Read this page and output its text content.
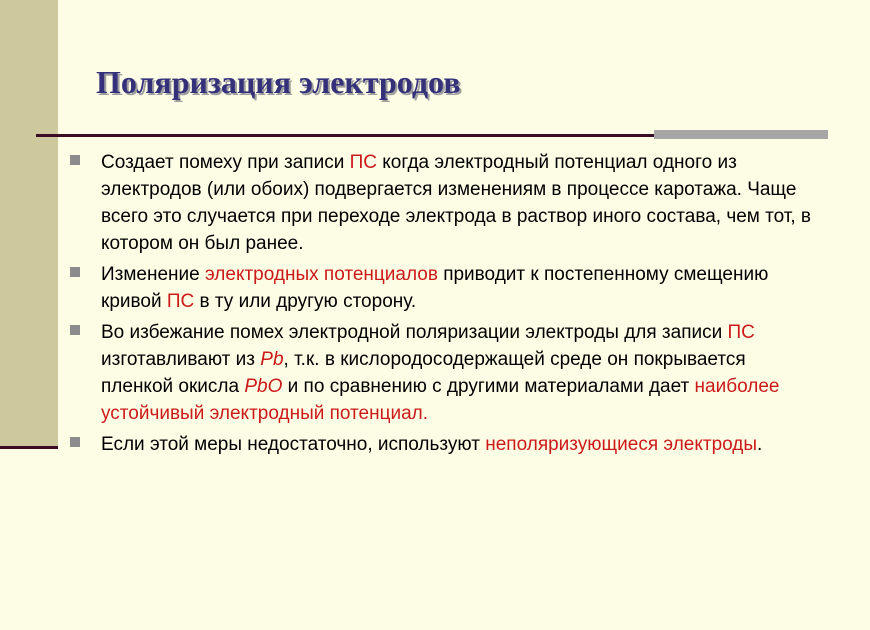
Поляризация электродов
Создает помеху при записи ПС когда электродный потенциал одного из электродов (или обоих) подвергается изменениям в процессе каротажа. Чаще всего это случается при переходе электрода в раствор иного состава, чем тот, в котором он был ранее.
Изменение электродных потенциалов приводит к постепенному смещению кривой ПС в ту или другую сторону.
Во избежание помех электродной поляризации электроды для записи ПС изготавливают из Pb, т.к. в кислородосодержащей среде он покрывается пленкой окисла PbO и по сравнению с другими материалами дает наиболее устойчивый электродный потенциал.
Если этой меры недостаточно, используют неполяризующиеся электроды.
